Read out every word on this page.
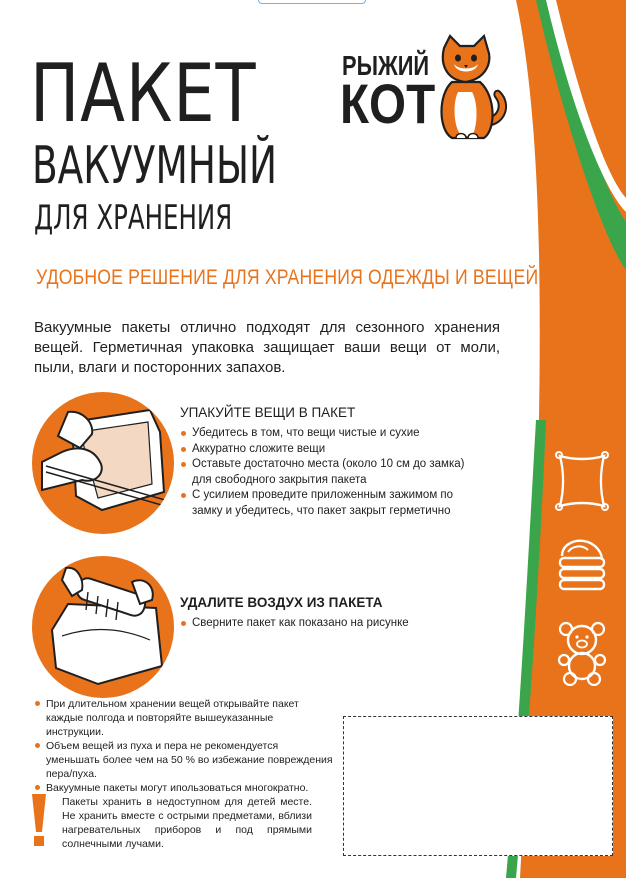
ПАКЕТ
ВАКУУМНЫЙ
ДЛЯ ХРАНЕНИЯ
РЫЖИЙ
КОТ
УДОБНОЕ РЕШЕНИЕ ДЛЯ ХРАНЕНИЯ ОДЕЖДЫ И ВЕЩЕЙ

Вакуумные пакеты отлично подходят для сезонного хранения вещей. Герметичная упаковка защищает ваши вещи от моли, пыли, влаги и посторонних запахов.

УПАКУЙТЕ ВЕЩИ В ПАКЕТ
Убедитесь в том, что вещи чистые и сухие
Аккуратно сложите вещи
Оставьте достаточно места (около 10 см до замка) для свободного закрытия пакета
С усилием проведите приложенным зажимом по замку и убедитесь, что пакет закрыт герметично
УДАЛИТЕ ВОЗДУХ ИЗ ПАКЕТА
Сверните пакет как показано на рисунке
При длительном хранении вещей открывайте пакет каждые полгода и повторяйте вышеуказанные инструкции.
Объем вещей из пуха и пера не рекомендуется уменьшать более чем на 50 % во избежание повреждения пера/пуха.
Вакуумные пакеты могут ипользоваться многократно.

Пакеты хранить в недоступном для детей месте. Не хранить вместе с острыми предметами, вблизи нагревательных приборов и под прямыми солнечными лучами.
